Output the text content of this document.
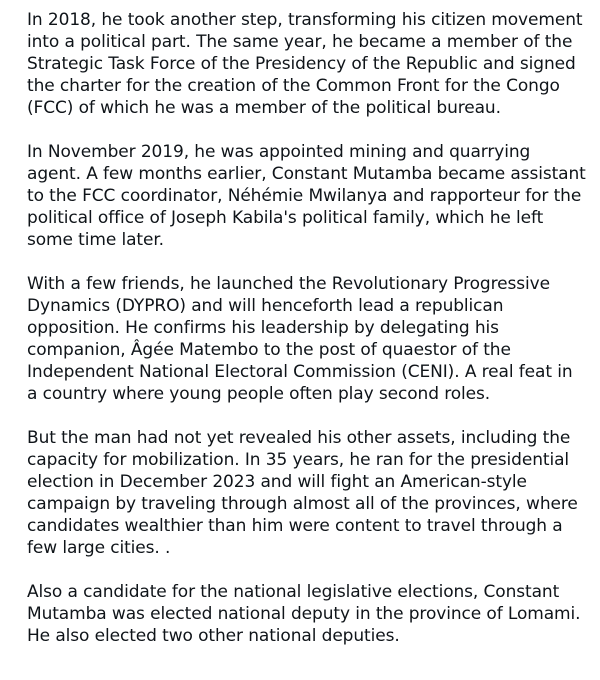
In 2018, he took another step, transforming his citizen movement into a political part. The same year, he became a member of the Strategic Task Force of the Presidency of the Republic and signed the charter for the creation of the Common Front for the Congo (FCC) of which he was a member of the political bureau.

In November 2019, he was appointed mining and quarrying agent. A few months earlier, Constant Mutamba became assistant to the FCC coordinator, Néhémie Mwilanya and rapporteur for the political office of Joseph Kabila's political family, which he left some time later.

With a few friends, he launched the Revolutionary Progressive Dynamics (DYPRO) and will henceforth lead a republican opposition. He confirms his leadership by delegating his companion, Âgée Matembo to the post of quaestor of the Independent National Electoral Commission (CENI). A real feat in a country where young people often play second roles.

But the man had not yet revealed his other assets, including the capacity for mobilization. In 35 years, he ran for the presidential election in December 2023 and will fight an American-style campaign by traveling through almost all of the provinces, where candidates wealthier than him were content to travel through a few large cities. .

Also a candidate for the national legislative elections, Constant Mutamba was elected national deputy in the province of Lomami. He also elected two other national deputies.
